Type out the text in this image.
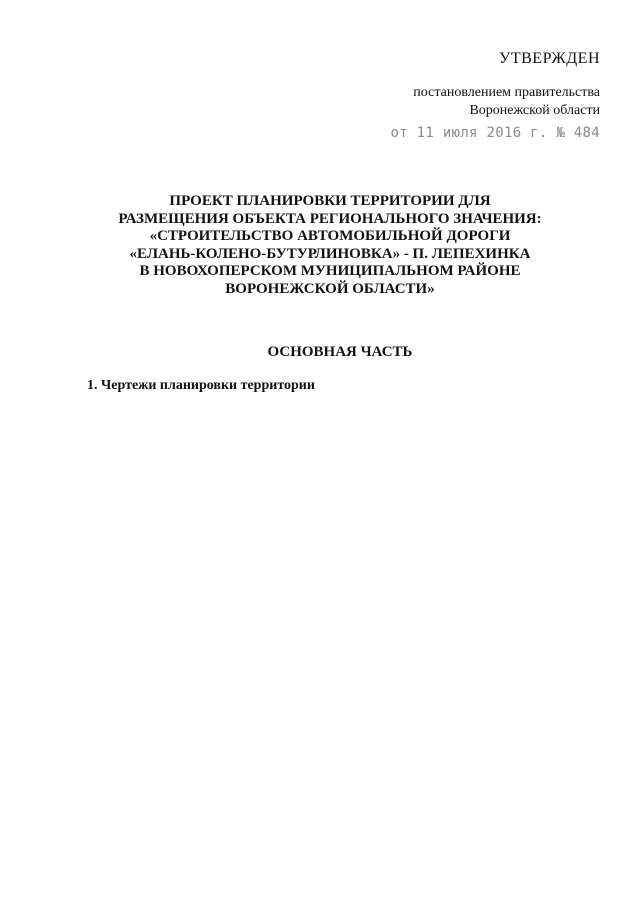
УТВЕРЖДЕН
постановлением правительства
Воронежской области
от 11 июля 2016 г. № 484
ПРОЕКТ ПЛАНИРОВКИ ТЕРРИТОРИИ ДЛЯ
РАЗМЕЩЕНИЯ ОБЪЕКТА РЕГИОНАЛЬНОГО ЗНАЧЕНИЯ:
«СТРОИТЕЛЬСТВО АВТОМОБИЛЬНОЙ ДОРОГИ
«ЕЛАНЬ-КОЛЕНО-БУТУРЛИНОВКА» - П. ЛЕПЕХИНКА
В НОВОХОПЕРСКОМ МУНИЦИПАЛЬНОМ РАЙОНЕ
ВОРОНЕЖСКОЙ ОБЛАСТИ»
ОСНОВНАЯ ЧАСТЬ
1. Чертежи планировки территории
